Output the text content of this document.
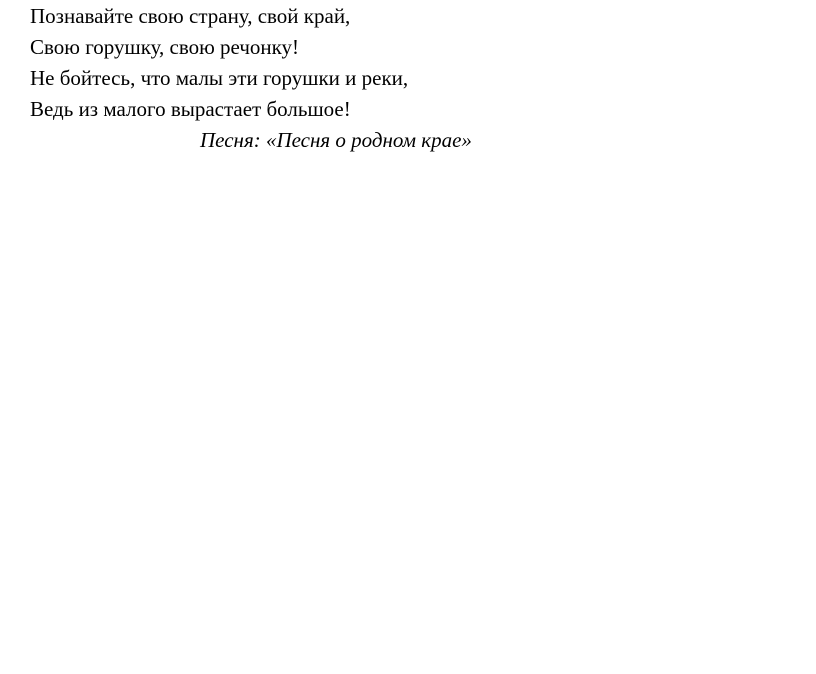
Познавайте свою страну, свой край,

Свою горушку, свою речонку!

Не бойтесь, что малы эти горушки и реки,

Ведь из малого вырастает большое!

Песня: «Песня о родном крае»
